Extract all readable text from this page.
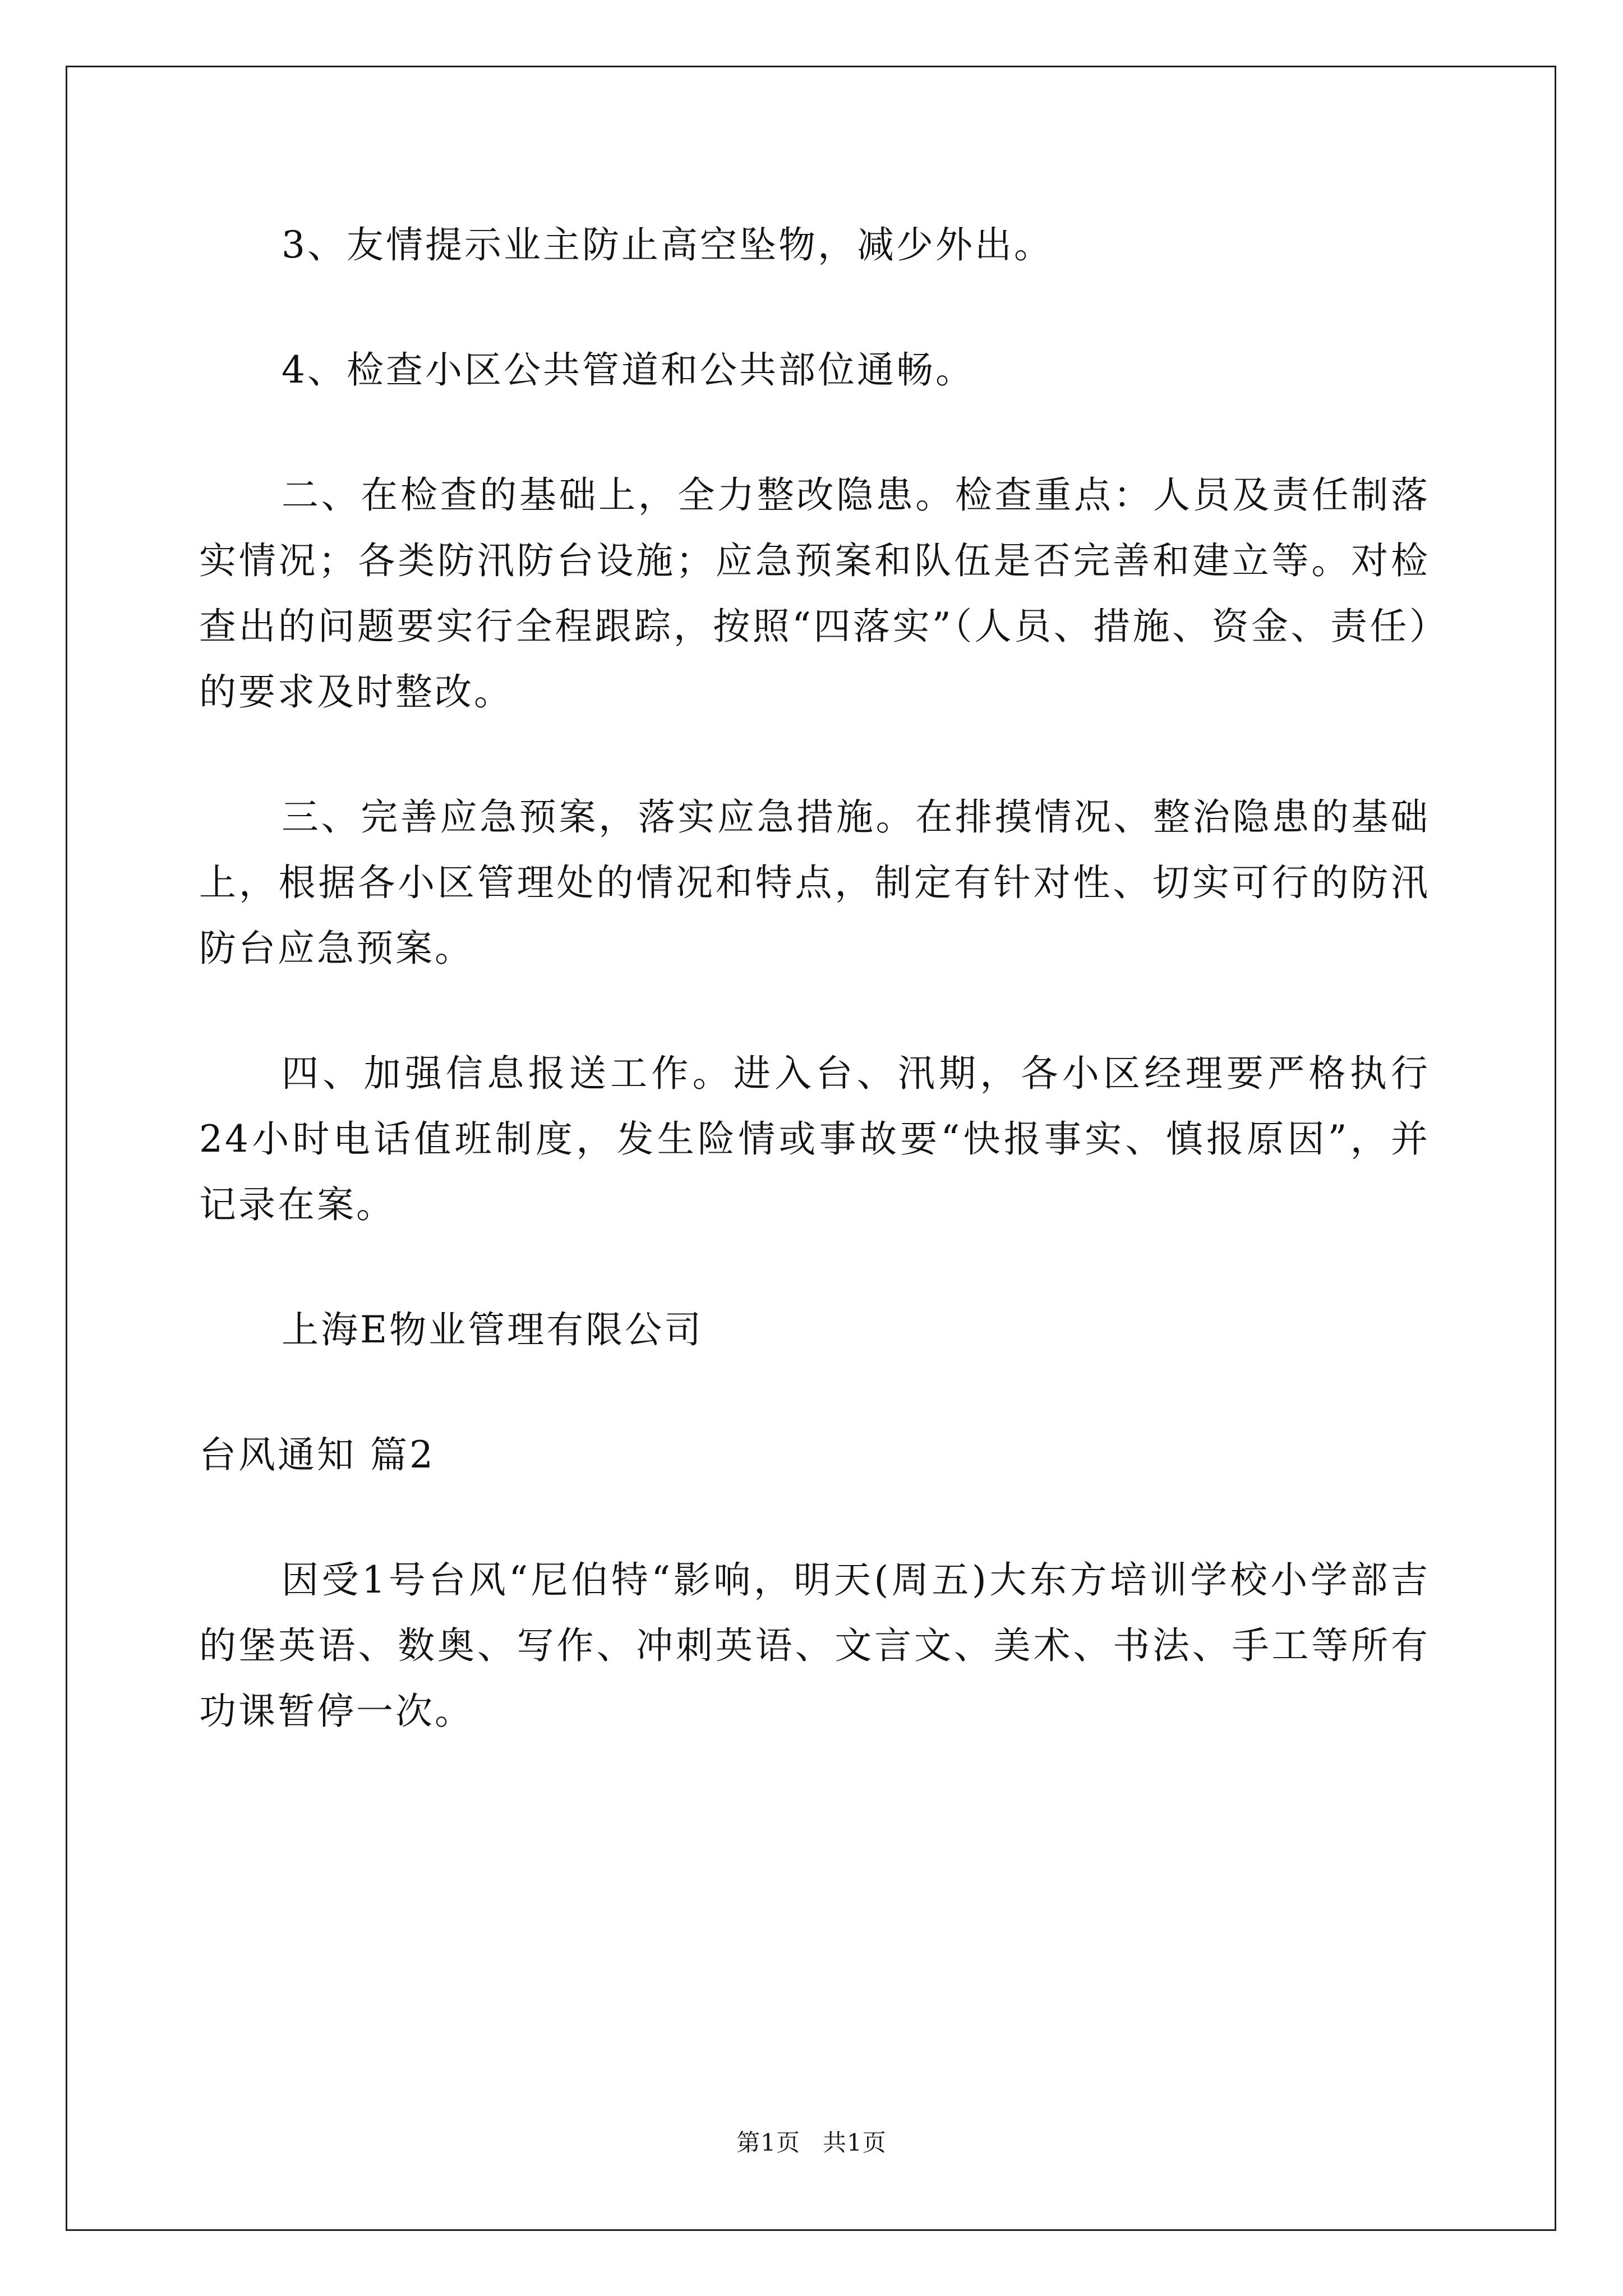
3、友情提示业主防止高空坠物，减少外出。

4、检查小区公共管道和公共部位通畅。

二、在检查的基础上，全力整改隐患。检查重点：人员及责任制落实情况；各类防汛防台设施；应急预案和队伍是否完善和建立等。对检查出的问题要实行全程跟踪，按照“四落实”（人员、措施、资金、责任）的要求及时整改。

三、完善应急预案，落实应急措施。在排摸情况、整治隐患的基础上，根据各小区管理处的情况和特点，制定有针对性、切实可行的防汛防台应急预案。

四、加强信息报送工作。进入台、汛期，各小区经理要严格执行24小时电话值班制度，发生险情或事故要“快报事实、慎报原因”，并记录在案。

上海E物业管理有限公司

台风通知 篇2

因受1号台风“尼伯特“影响，明天(周五)大东方培训学校小学部吉的堡英语、数奥、写作、冲刺英语、文言文、美术、书法、手工等所有功课暂停一次。

第1页 共1页
